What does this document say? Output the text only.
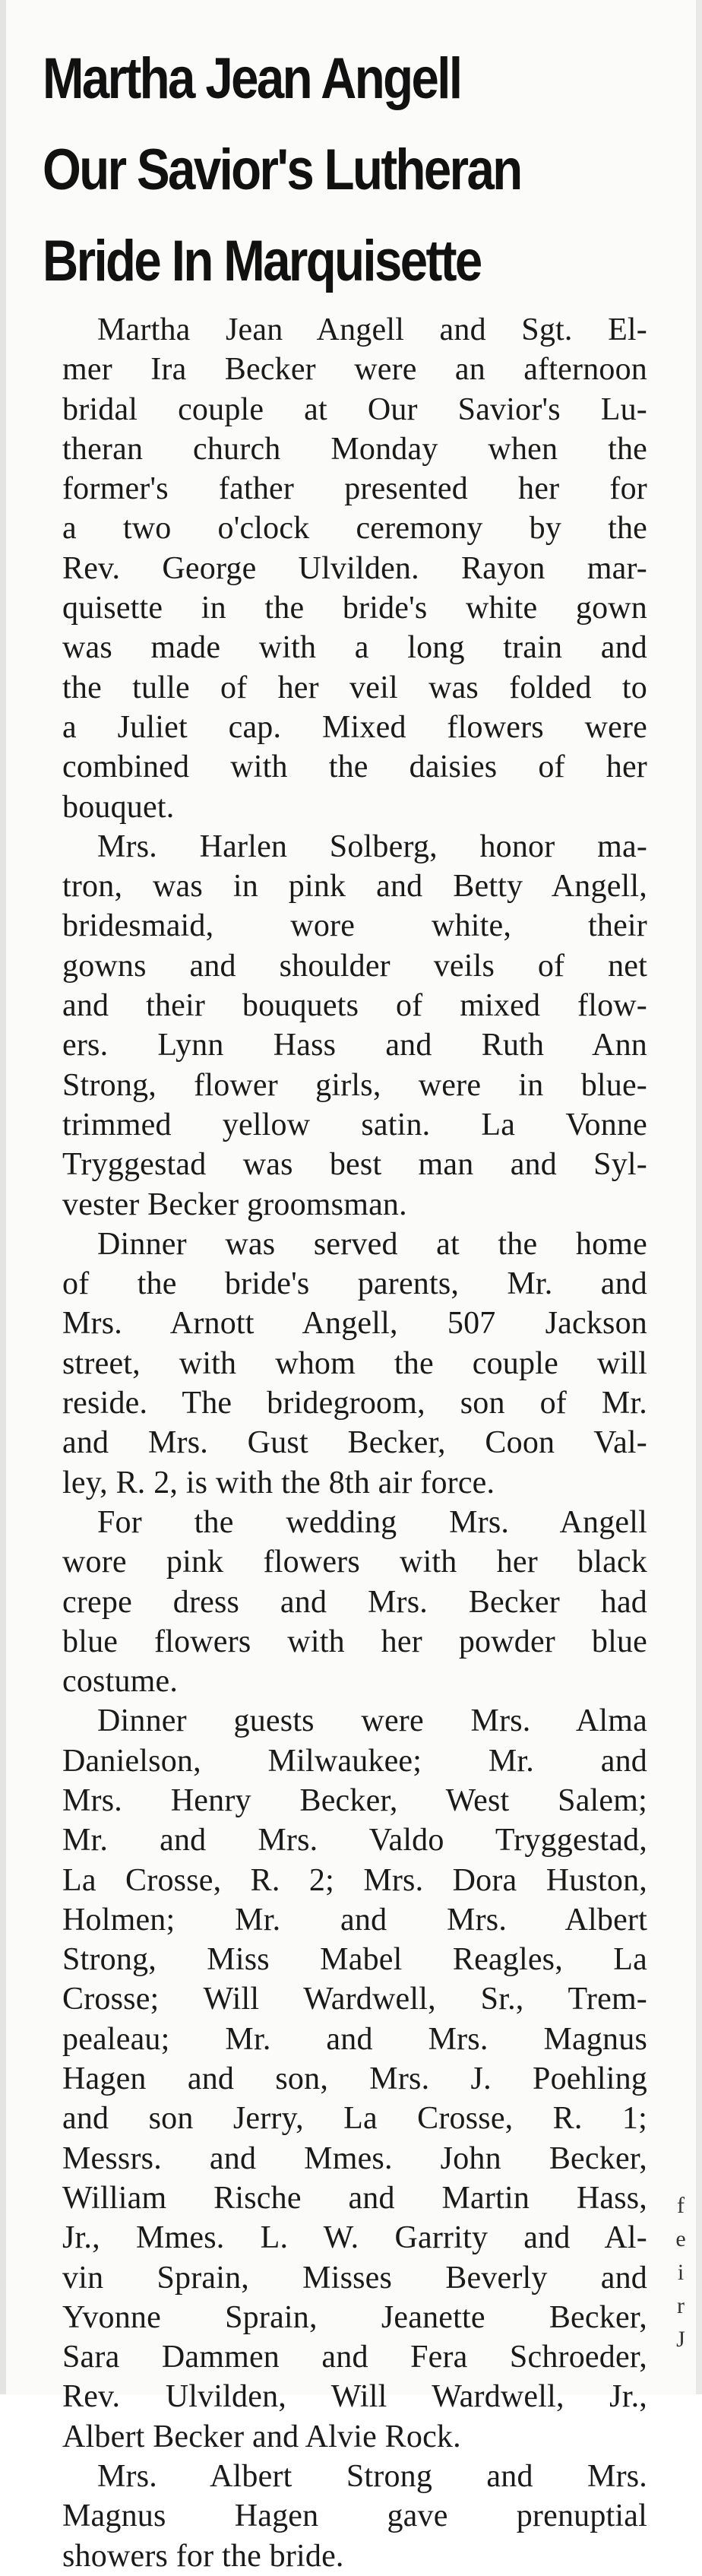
Martha Jean Angell
Our Savior's Lutheran
Bride In Marquisette
Martha Jean Angell and Sgt. El-
mer Ira Becker were an afternoon
bridal couple at Our Savior's Lu-
theran church Monday when the
former's father presented her for
a two o'clock ceremony by the
Rev. George Ulvilden. Rayon mar-
quisette in the bride's white gown
was made with a long train and
the tulle of her veil was folded to
a Juliet cap. Mixed flowers were
combined with the daisies of her
bouquet.
Mrs. Harlen Solberg, honor ma-
tron, was in pink and Betty Angell,
bridesmaid, wore white, their
gowns and shoulder veils of net
and their bouquets of mixed flow-
ers. Lynn Hass and Ruth Ann
Strong, flower girls, were in blue-
trimmed yellow satin. La Vonne
Tryggestad was best man and Syl-
vester Becker groomsman.
Dinner was served at the home
of the bride's parents, Mr. and
Mrs. Arnott Angell, 507 Jackson
street, with whom the couple will
reside. The bridegroom, son of Mr.
and Mrs. Gust Becker, Coon Val-
ley, R. 2, is with the 8th air force.
For the wedding Mrs. Angell
wore pink flowers with her black
crepe dress and Mrs. Becker had
blue flowers with her powder blue
costume.
Dinner guests were Mrs. Alma
Danielson, Milwaukee; Mr. and
Mrs. Henry Becker, West Salem;
Mr. and Mrs. Valdo Tryggestad,
La Crosse, R. 2; Mrs. Dora Huston,
Holmen; Mr. and Mrs. Albert
Strong, Miss Mabel Reagles, La
Crosse; Will Wardwell, Sr., Trem-
pealeau; Mr. and Mrs. Magnus
Hagen and son, Mrs. J. Poehling
and son Jerry, La Crosse, R. 1;
Messrs. and Mmes. John Becker,
William Rische and Martin Hass,
Jr., Mmes. L. W. Garrity and Al-
vin Sprain, Misses Beverly and
Yvonne Sprain, Jeanette Becker,
Sara Dammen and Fera Schroeder,
Rev. Ulvilden, Will Wardwell, Jr.,
Albert Becker and Alvie Rock.
Mrs. Albert Strong and Mrs.
Magnus Hagen gave prenuptial
showers for the bride.
f
e
i
r
J
